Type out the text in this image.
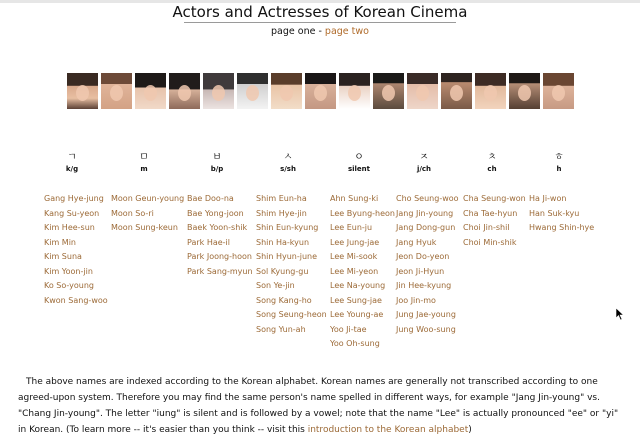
Actors and Actresses of Korean Cinema
page one - page two
ㄱ
k/g
Gang Hye-jung
Kang Su-yeon
Kim Hee-sun
Kim Min
Kim Suna
Kim Yoon-jin
Ko So-young
Kwon Sang-woo
ㅁ
m
Moon Geun-young
Moon So-ri
Moon Sung-keun
ㅂ
b/p
Bae Doo-na
Bae Yong-joon
Baek Yoon-shik
Park Hae-il
Park Joong-hoon
Park Sang-myun
ㅅ
s/sh
Shim Eun-ha
Shim Hye-jin
Shin Eun-kyung
Shin Ha-kyun
Shin Hyun-june
Sol Kyung-gu
Son Ye-jin
Song Kang-ho
Song Seung-heon
Song Yun-ah
ㅇ
silent
Ahn Sung-ki
Lee Byung-heon
Lee Eun-ju
Lee Jung-jae
Lee Mi-sook
Lee Mi-yeon
Lee Na-young
Lee Sung-jae
Lee Young-ae
Yoo Ji-tae
Yoo Oh-sung
ㅈ
j/ch
Cho Seung-woo
Jang Jin-young
Jang Dong-gun
Jang Hyuk
Jeon Do-yeon
Jeon Ji-Hyun
Jin Hee-kyung
Joo Jin-mo
Jung Jae-young
Jung Woo-sung
ㅊ
ch
Cha Seung-won
Cha Tae-hyun
Choi Jin-shil
Choi Min-shik
ㅎ
h
Ha Ji-won
Han Suk-kyu
Hwang Shin-hye

The above names are indexed according to the Korean alphabet. Korean names are generally not transcribed according to one agreed-upon system. Therefore you may find the same person's name spelled in different ways, for example "Jang Jin-young" vs. "Chang Jin-young". The letter "iung" is silent and is followed by a vowel; note that the name "Lee" is actually pronounced "ee" or "yi" in Korean. (To learn more -- it's easier than you think -- visit this introduction to the Korean alphabet)
